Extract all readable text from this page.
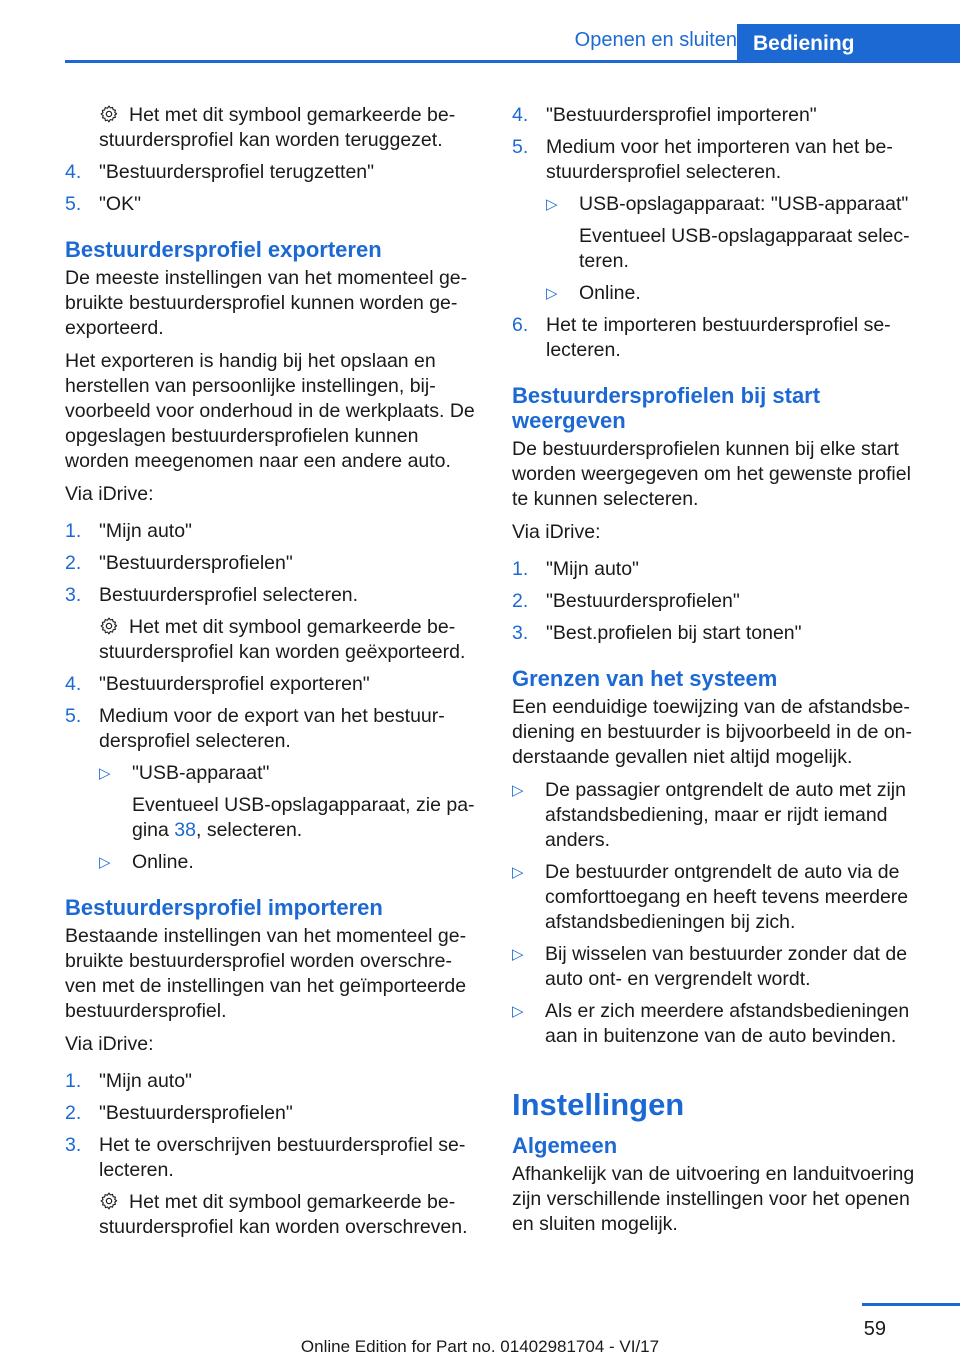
Openen en sluiten Bediening
Het met dit symbool gemarkeerde be-stuurdersprofiel kan worden teruggezet.
4. "Bestuurdersprofiel terugzetten"
5. "OK"
Bestuurdersprofiel exporteren

De meeste instellingen van het momenteel ge-bruikte bestuurdersprofiel kunnen worden ge-exporteerd.

Het exporteren is handig bij het opslaan en herstellen van persoonlijke instellingen, bij-voorbeeld voor onderhoud in de werkplaats. De opgeslagen bestuurdersprofielen kunnen worden meegenomen naar een andere auto.

Via iDrive:

1. "Mijn auto"
2. "Bestuurdersprofielen"
3. Bestuurdersprofiel selecteren.
Het met dit symbool gemarkeerde be-stuurdersprofiel kan worden geëxporteerd.
4. "Bestuurdersprofiel exporteren"
5. Medium voor de export van het bestuur-dersprofiel selecteren.
▷	"USB-apparaat"
Eventueel USB-opslagapparaat, zie pa-gina 38, selecteren.
▷	Online.
Bestuurdersprofiel importeren

Bestaande instellingen van het momenteel ge-bruikte bestuurdersprofiel worden overschre-ven met de instellingen van het geïmporteerde bestuurdersprofiel.

Via iDrive:

1. "Mijn auto"
2. "Bestuurdersprofielen"
3. Het te overschrijven bestuurdersprofiel se-lecteren.
Het met dit symbool gemarkeerde be-stuurdersprofiel kan worden overschreven.
4. "Bestuurdersprofiel importeren"
5. Medium voor het importeren van het be-stuurdersprofiel selecteren.
▷	USB-opslagapparaat: "USB-apparaat"
Eventueel USB-opslagapparaat selec-teren.
▷	Online.
6. Het te importeren bestuurdersprofiel se-lecteren.
Bestuurdersprofielen bij start weergeven

De bestuurdersprofielen kunnen bij elke start worden weergegeven om het gewenste profiel te kunnen selecteren.

Via iDrive:

1. "Mijn auto"
2. "Bestuurdersprofielen"
3. "Best.profielen bij start tonen"
Grenzen van het systeem

Een eenduidige toewijzing van de afstandsbe-diening en bestuurder is bijvoorbeeld in de on-derstaande gevallen niet altijd mogelijk.

▷	De passagier ontgrendelt de auto met zijn afstandsbediening, maar er rijdt iemand anders.
▷	De bestuurder ontgrendelt de auto via de comforttoegang en heeft tevens meerdere afstandsbedieningen bij zich.
▷	Bij wisselen van bestuurder zonder dat de auto ont- en vergrendelt wordt.
▷	Als er zich meerdere afstandsbedieningen aan in buitenzone van de auto bevinden.
Instellingen
Algemeen

Afhankelijk van de uitvoering en landuitvoering zijn verschillende instellingen voor het openen en sluiten mogelijk.

59
Online Edition for Part no. 01402981704 - VI/17
